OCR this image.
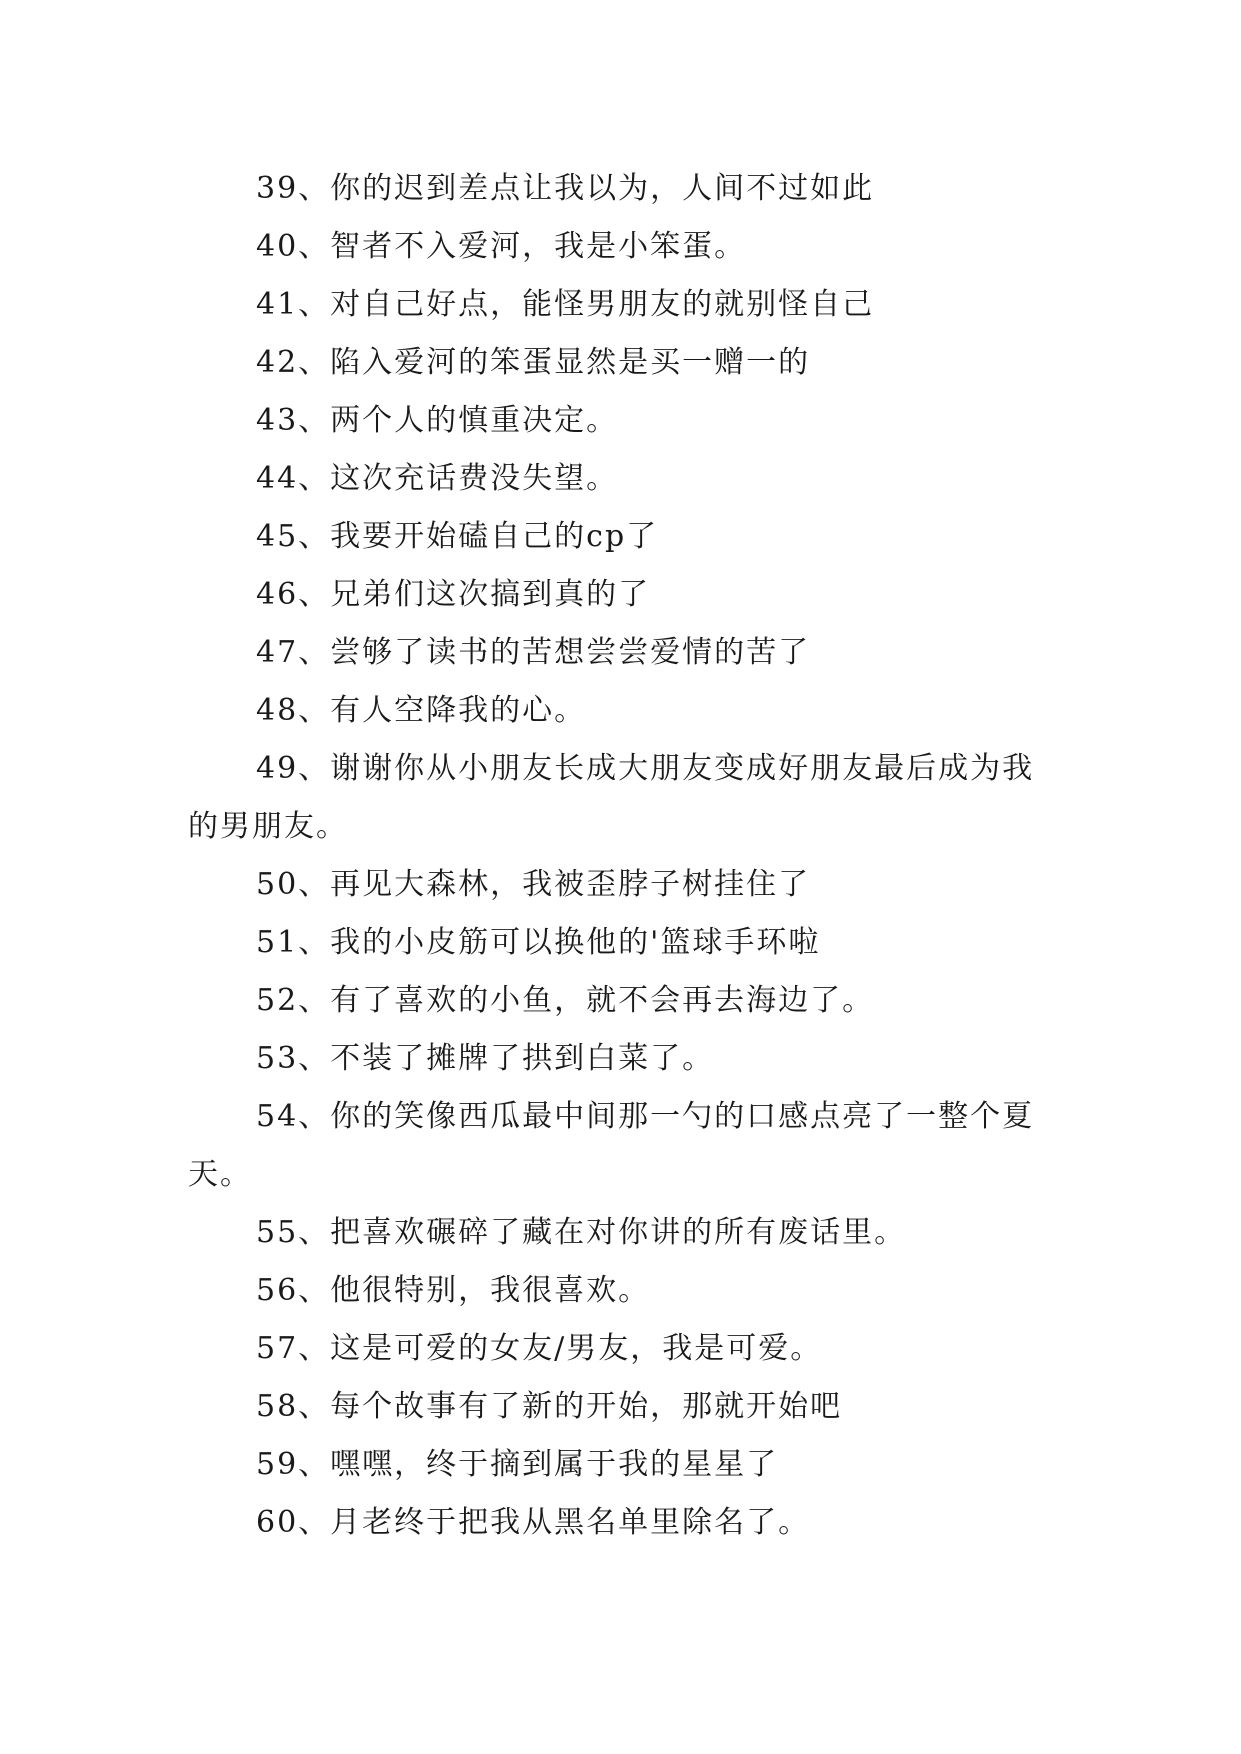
39、你的迟到差点让我以为，人间不过如此

40、智者不入爱河，我是小笨蛋。

41、对自己好点，能怪男朋友的就别怪自己

42、陷入爱河的笨蛋显然是买一赠一的

43、两个人的慎重决定。

44、这次充话费没失望。

45、我要开始磕自己的cp了

46、兄弟们这次搞到真的了

47、尝够了读书的苦想尝尝爱情的苦了

48、有人空降我的心。

49、谢谢你从小朋友长成大朋友变成好朋友最后成为我的男朋友。

50、再见大森林，我被歪脖子树挂住了

51、我的小皮筋可以换他的'篮球手环啦

52、有了喜欢的小鱼，就不会再去海边了。

53、不装了摊牌了拱到白菜了。

54、你的笑像西瓜最中间那一勺的口感点亮了一整个夏天。

55、把喜欢碾碎了藏在对你讲的所有废话里。

56、他很特别，我很喜欢。

57、这是可爱的女友/男友，我是可爱。

58、每个故事有了新的开始，那就开始吧

59、嘿嘿，终于摘到属于我的星星了

60、月老终于把我从黑名单里除名了。
